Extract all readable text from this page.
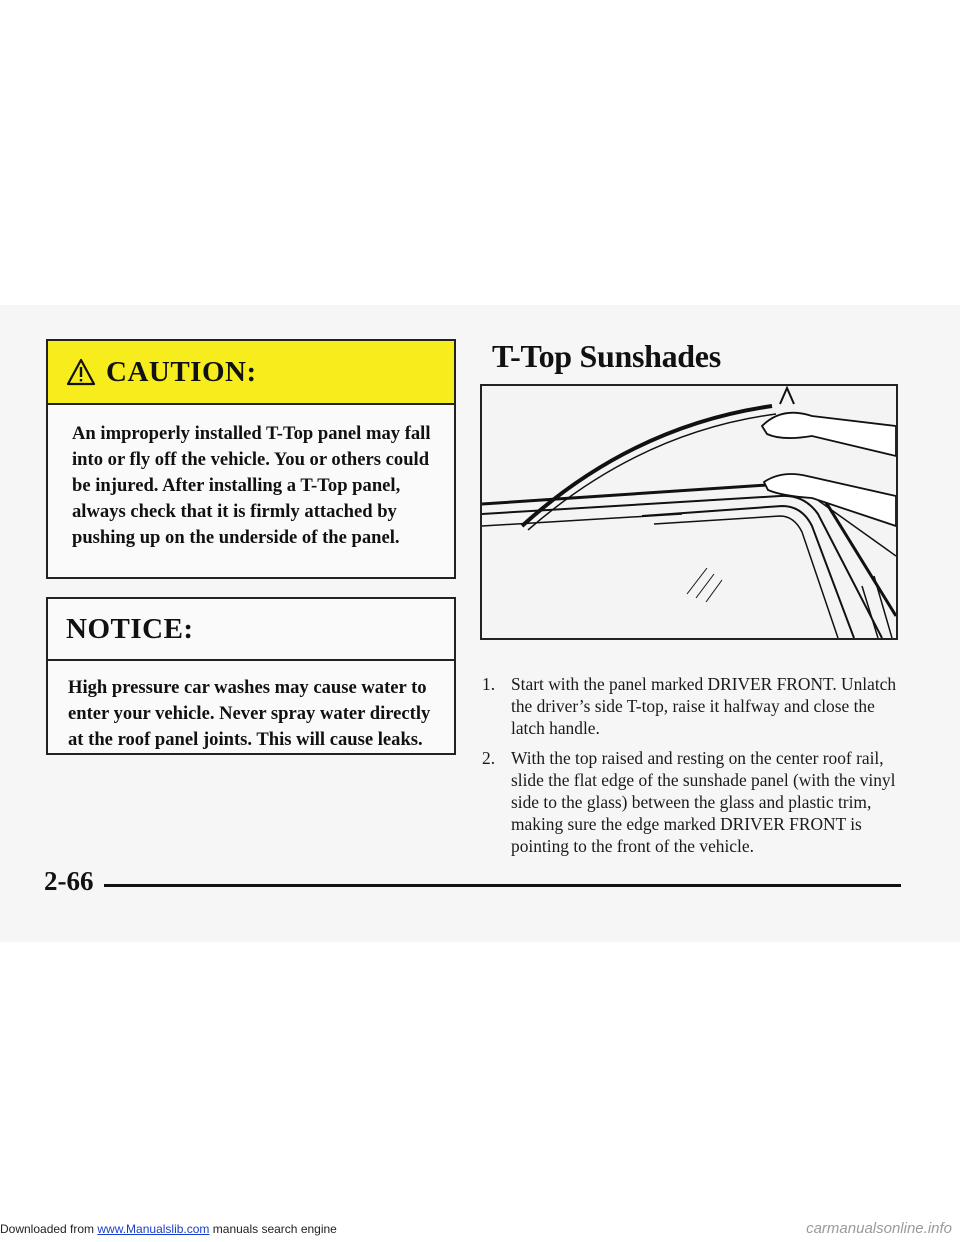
CAUTION:
An improperly installed T-Top panel may fall into or fly off the vehicle. You or others could be injured. After installing a T-Top panel, always check that it is firmly attached by pushing up on the underside of the panel.
NOTICE:
High pressure car washes may cause water to enter your vehicle. Never spray water directly at the roof panel joints. This will cause leaks.
T-Top Sunshades
1. Start with the panel marked DRIVER FRONT. Unlatch the driver’s side T-top, raise it halfway and close the latch handle.
2. With the top raised and resting on the center roof rail, slide the flat edge of the sunshade panel (with the vinyl side to the glass) between the glass and plastic trim, making sure the edge marked DRIVER FRONT is pointing to the front of the vehicle.
2-66
Downloaded from www.Manualslib.com manuals search engine	carmanualsonline.info
